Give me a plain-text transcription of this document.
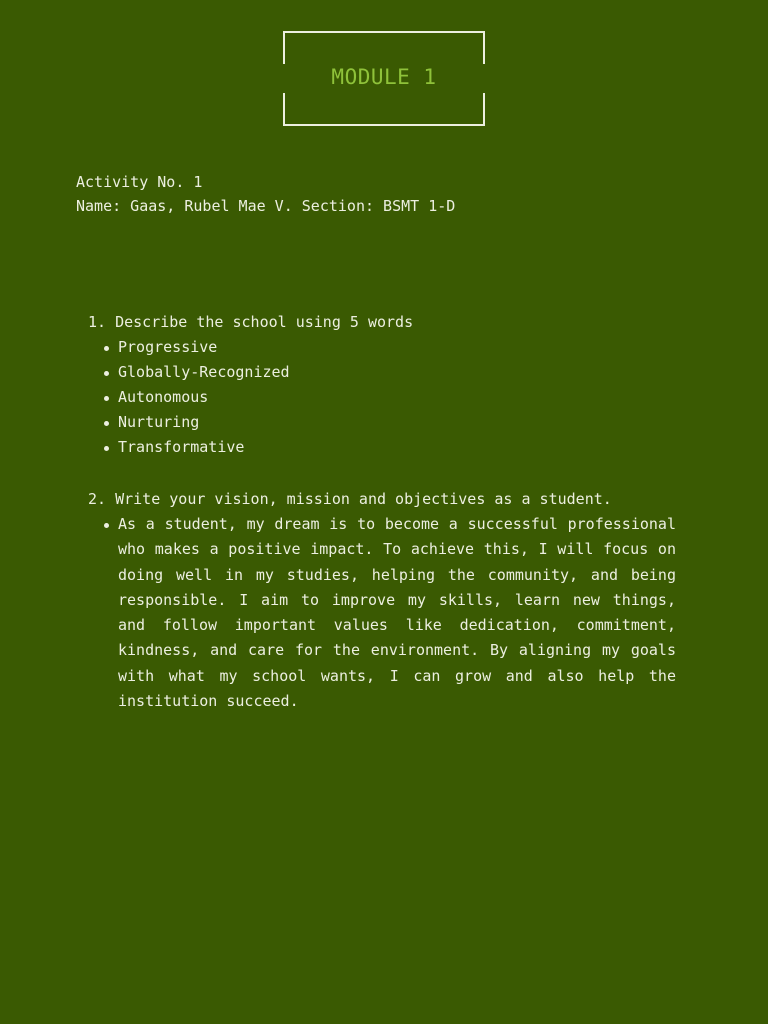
MODULE 1
Activity No. 1
Name: Gaas, Rubel Mae V. Section: BSMT 1-D
1. Describe the school using 5 words
Progressive
Globally-Recognized
Autonomous
Nurturing
Transformative
2. Write your vision, mission and objectives as a student.
As a student, my dream is to become a successful professional who makes a positive impact. To achieve this, I will focus on doing well in my studies, helping the community, and being responsible. I aim to improve my skills, learn new things, and follow important values like dedication, commitment, kindness, and care for the environment. By aligning my goals with what my school wants, I can grow and also help the institution succeed.
